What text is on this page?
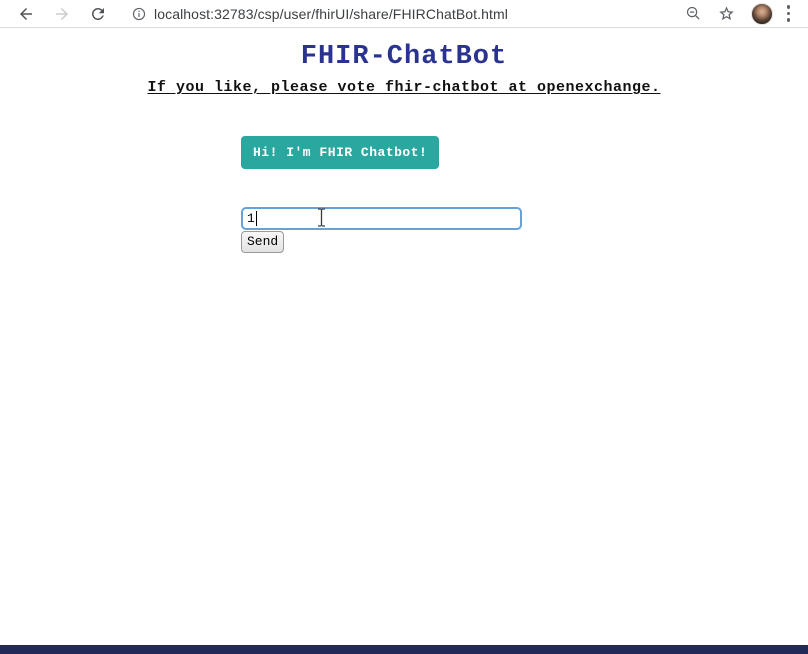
localhost:32783/csp/user/fhirUI/share/FHIRChatBot.html
FHIR-ChatBot
If you like, please vote fhir-chatbot at openexchange.
Hi! I'm FHIR Chatbot!
1
Send
